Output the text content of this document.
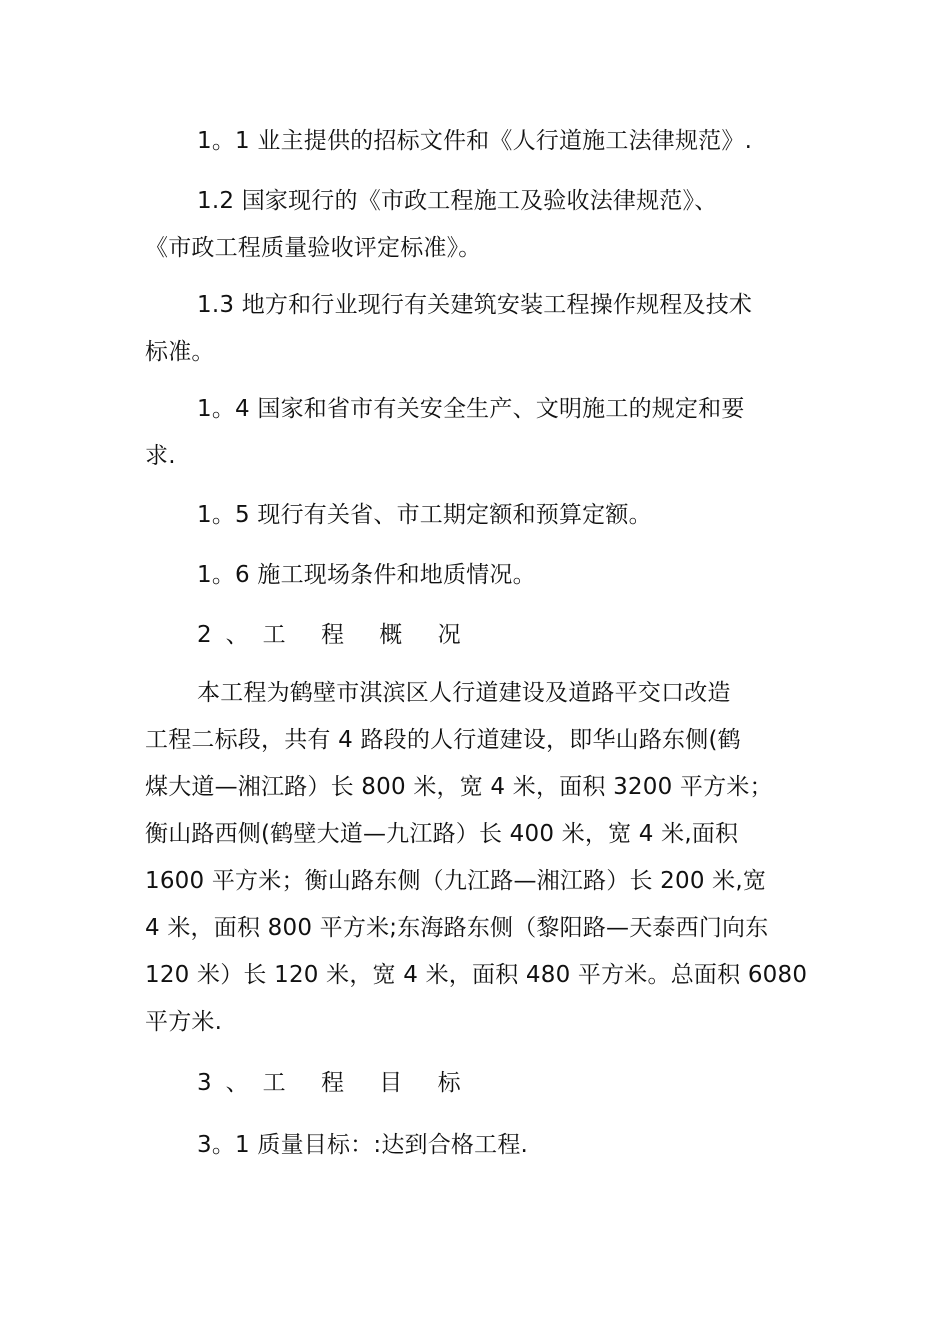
1。1 业主提供的招标文件和《人行道施工法律规范》.

1.2 国家现行的《市政工程施工及验收法律规范》、

《市政工程质量验收评定标准》。

1.3 地方和行业现行有关建筑安装工程操作规程及技术

标准。

1。4 国家和省市有关安全生产、文明施工的规定和要

求.

1。5 现行有关省、市工期定额和预算定额。

1。6 施工现场条件和地质情况。

2、工 程 概 况

本工程为鹤壁市淇滨区人行道建设及道路平交口改造

工程二标段，共有 4 路段的人行道建设，即华山路东侧(鹤

煤大道—湘江路）长 800 米，宽 4 米，面积 3200 平方米；

衡山路西侧(鹤壁大道—九江路）长 400 米，宽 4 米,面积

1600 平方米；衡山路东侧（九江路—湘江路）长 200 米,宽

4 米，面积 800 平方米;东海路东侧（黎阳路—天泰西门向东

120 米）长 120 米，宽 4 米，面积 480 平方米。总面积 6080

平方米.

3、工 程 目 标

3。1 质量目标：:达到合格工程.
